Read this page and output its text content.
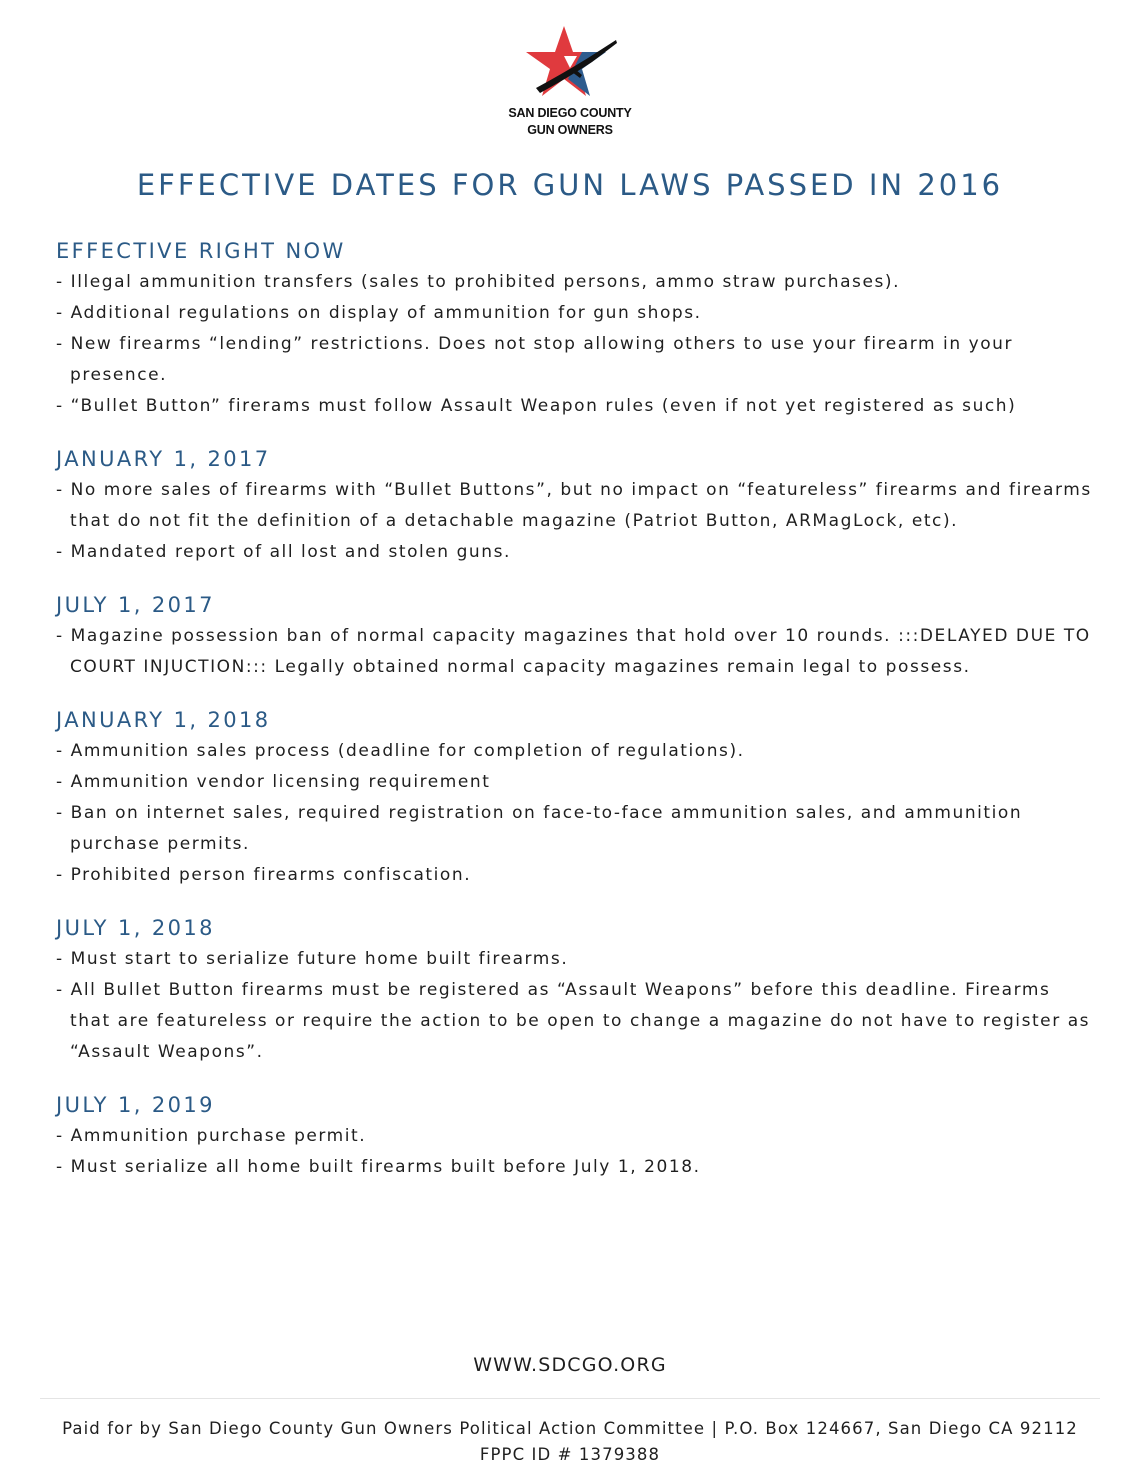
SAN DIEGO COUNTY
GUN OWNERS
EFFECTIVE DATES FOR GUN LAWS PASSED IN 2016
EFFECTIVE RIGHT NOW
- Illegal ammunition transfers (sales to prohibited persons, ammo straw purchases).
- Additional regulations on display of ammunition for gun shops.
- New firearms “lending” restrictions. Does not stop allowing others to use your firearm in your presence.
- “Bullet Button” firerams must follow Assault Weapon rules (even if not yet registered as such)
JANUARY 1, 2017
- No more sales of firearms with “Bullet Buttons”, but no impact on “featureless” firearms and firearms that do not fit the definition of a detachable magazine (Patriot Button, ARMagLock, etc).
- Mandated report of all lost and stolen guns.
JULY 1, 2017
- Magazine possession ban of normal capacity magazines that hold over 10 rounds. :::DELAYED DUE TO COURT INJUCTION::: Legally obtained normal capacity magazines remain legal to possess.
JANUARY 1, 2018
- Ammunition sales process (deadline for completion of regulations).
- Ammunition vendor licensing requirement
- Ban on internet sales, required registration on face-to-face ammunition sales, and ammunition purchase permits.
- Prohibited person firearms confiscation.
JULY 1, 2018
- Must start to serialize future home built firearms.
- All Bullet Button firearms must be registered as “Assault Weapons” before this deadline. Firearms that are featureless or require the action to be open to change a magazine do not have to register as “Assault Weapons”.
JULY 1, 2019
- Ammunition purchase permit.
- Must serialize all home built firearms built before July 1, 2018.
WWW.SDCGO.ORG
Paid for by San Diego County Gun Owners Political Action Committee | P.O. Box 124667, San Diego CA 92112
FPPC ID # 1379388
